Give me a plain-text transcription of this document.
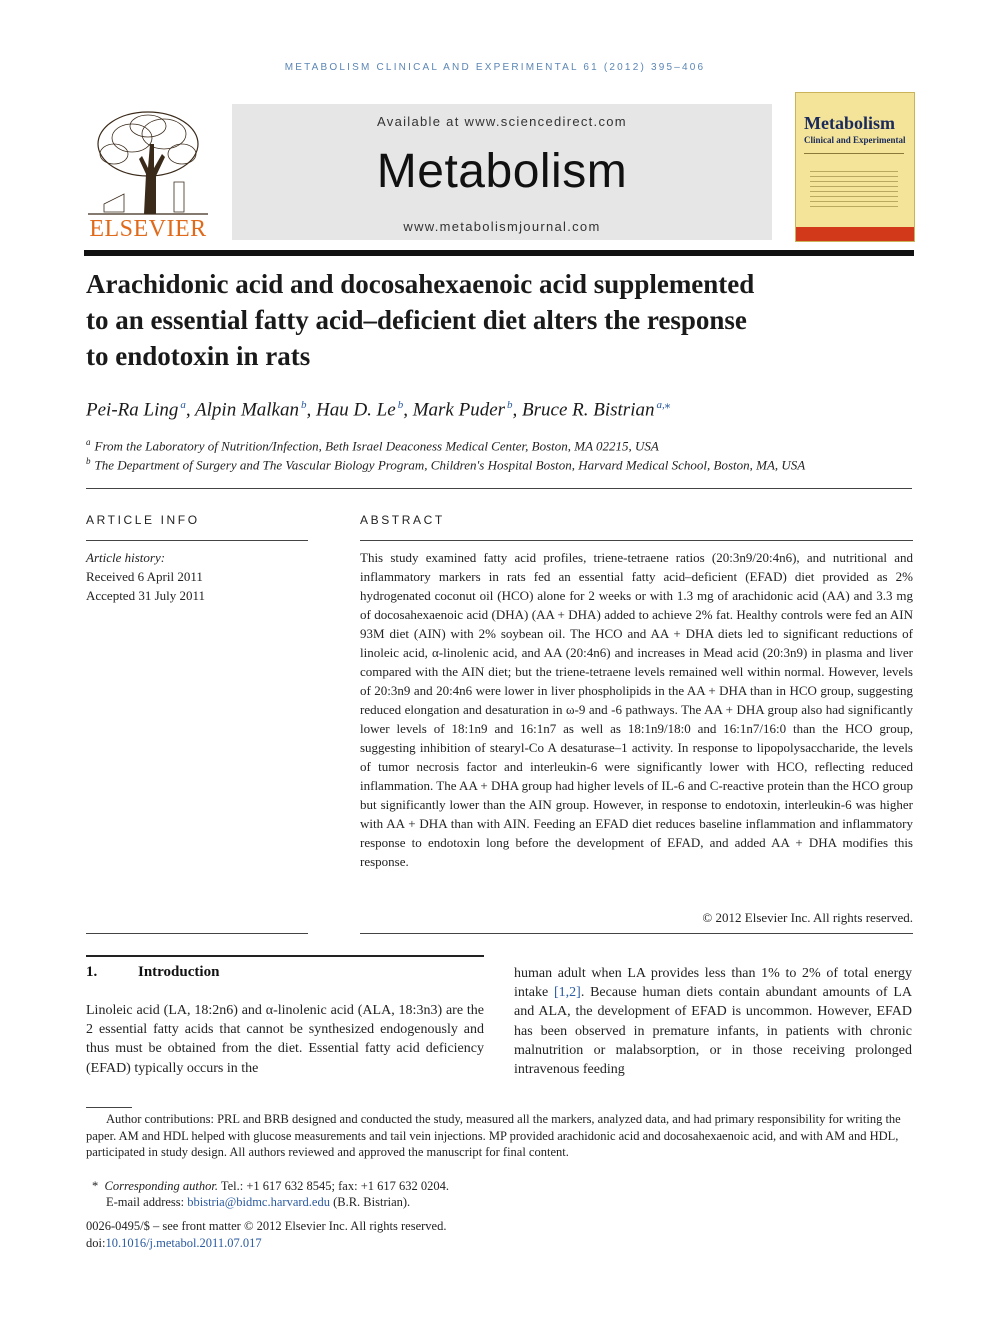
METABOLISM CLINICAL AND EXPERIMENTAL 61 (2012) 395–406
ELSEVIER
Available at www.sciencedirect.com
Metabolism
www.metabolismjournal.com
Metabolism
Clinical and Experimental
Arachidonic acid and docosahexaenoic acid supplemented
to an essential fatty acid–deficient diet alters the response
to endotoxin in rats
Pei-Ra Ling $^a$, Alpin Malkan $^b$, Hau D. Le $^b$, Mark Puder $^b$, Bruce R. Bistrian $^{a,⁎}$
$^a$ From the Laboratory of Nutrition/Infection, Beth Israel Deaconess Medical Center, Boston, MA 02215, USA
$^b$ The Department of Surgery and The Vascular Biology Program, Children's Hospital Boston, Harvard Medical School, Boston, MA, USA
ARTICLE INFO
Article history:
Received 6 April 2011
Accepted 31 July 2011
ABSTRACT
This study examined fatty acid profiles, triene-tetraene ratios (20:3n9/20:4n6), and nutritional and inflammatory markers in rats fed an essential fatty acid–deficient (EFAD) diet provided as 2% hydrogenated coconut oil (HCO) alone for 2 weeks or with 1.3 mg of arachidonic acid (AA) and 3.3 mg of docosahexaenoic acid (DHA) (AA + DHA) added to achieve 2% fat. Healthy controls were fed an AIN 93M diet (AIN) with 2% soybean oil. The HCO and AA + DHA diets led to significant reductions of linoleic acid, α-linolenic acid, and AA (20:4n6) and increases in Mead acid (20:3n9) in plasma and liver compared with the AIN diet; but the triene-tetraene levels remained well within normal. However, levels of 20:3n9 and 20:4n6 were lower in liver phospholipids in the AA + DHA than in HCO group, suggesting reduced elongation and desaturation in ω-9 and -6 pathways. The AA + DHA group also had significantly lower levels of 18:1n9 and 16:1n7 as well as 18:1n9/18:0 and 16:1n7/16:0 than the HCO group, suggesting inhibition of stearyl-Co A desaturase–1 activity. In response to lipopolysaccharide, the levels of tumor necrosis factor and interleukin-6 were significantly lower with HCO, reflecting reduced inflammation. The AA + DHA group had higher levels of IL-6 and C-reactive protein than the HCO group but significantly lower than the AIN group. However, in response to endotoxin, interleukin-6 was higher with AA + DHA than with AIN. Feeding an EFAD diet reduces baseline inflammation and inflammatory response to endotoxin long before the development of EFAD, and added AA + DHA modifies this response.
© 2012 Elsevier Inc. All rights reserved.
1.	Introduction
Linoleic acid (LA, 18:2n6) and α-linolenic acid (ALA, 18:3n3) are the 2 essential fatty acids that cannot be synthesized endogenously and thus must be obtained from the diet. Essential fatty acid deficiency (EFAD) typically occurs in the
human adult when LA provides less than 1% to 2% of total energy intake [1,2]. Because human diets contain abundant amounts of LA and ALA, the development of EFAD is uncommon. However, EFAD has been observed in premature infants, in patients with chronic malnutrition or malabsorption, or in those receiving prolonged intravenous feeding
Author contributions: PRL and BRB designed and conducted the study, measured all the markers, analyzed data, and had primary responsibility for writing the paper. AM and HDL helped with glucose measurements and tail vein injections. MP provided arachidonic acid and docosahexaenoic acid, and with AM and HDL, participated in study design. All authors reviewed and approved the manuscript for final content.
* Corresponding author. Tel.: +1 617 632 8545; fax: +1 617 632 0204.
E-mail address: bbistria@bidmc.harvard.edu (B.R. Bistrian).
0026-0495/$ – see front matter © 2012 Elsevier Inc. All rights reserved.
doi:10.1016/j.metabol.2011.07.017
